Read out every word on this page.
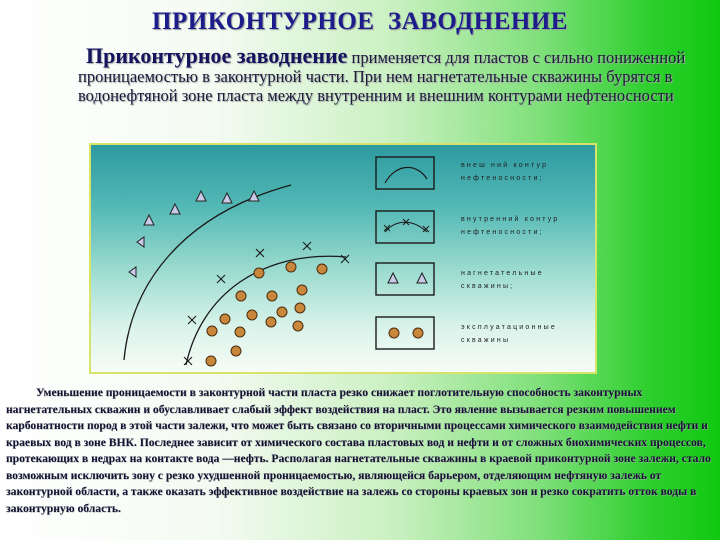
ПРИКОНТУРНОЕ  ЗАВОДНЕНИЕ
Приконтурное заводнение применяется для пластов с сильно пониженной проницаемостью в законтурной части. При нем нагнетательные скважины бурятся в водонефтяной зоне пласта между внутренним и внешним контурами нефтеносности
внеш ний контур нефтеносности;
внутренний контур нефтеносности;
нагнетательные скважины;
эксплуатационные скважины
Уменьшение проницаемости в законтурной части пласта резко снижает поглотительную способность законтурных нагнетательных скважин и обуславливает слабый эффект воздействия на пласт. Это явление вызывается резким повышением карбонатности пород в этой части залежи, что может быть связано со вторичными процессами химического взаимодействия нефти и краевых вод в зоне ВНК. Последнее зависит от химического состава пластовых вод и нефти и от сложных биохимических процессов, протекающих в недрах на контакте вода —нефть. Располагая нагнетательные скважины в краевой приконтурной зоне залежи, стало возможным исключить зону с резко ухудшенной проницаемостью, являющейся барьером, отделяющим нефтяную залежь от законтурной области, а также оказать эффективное воздействие на залежь со стороны краевых зон и резко сократить отток воды в законтурную область.
